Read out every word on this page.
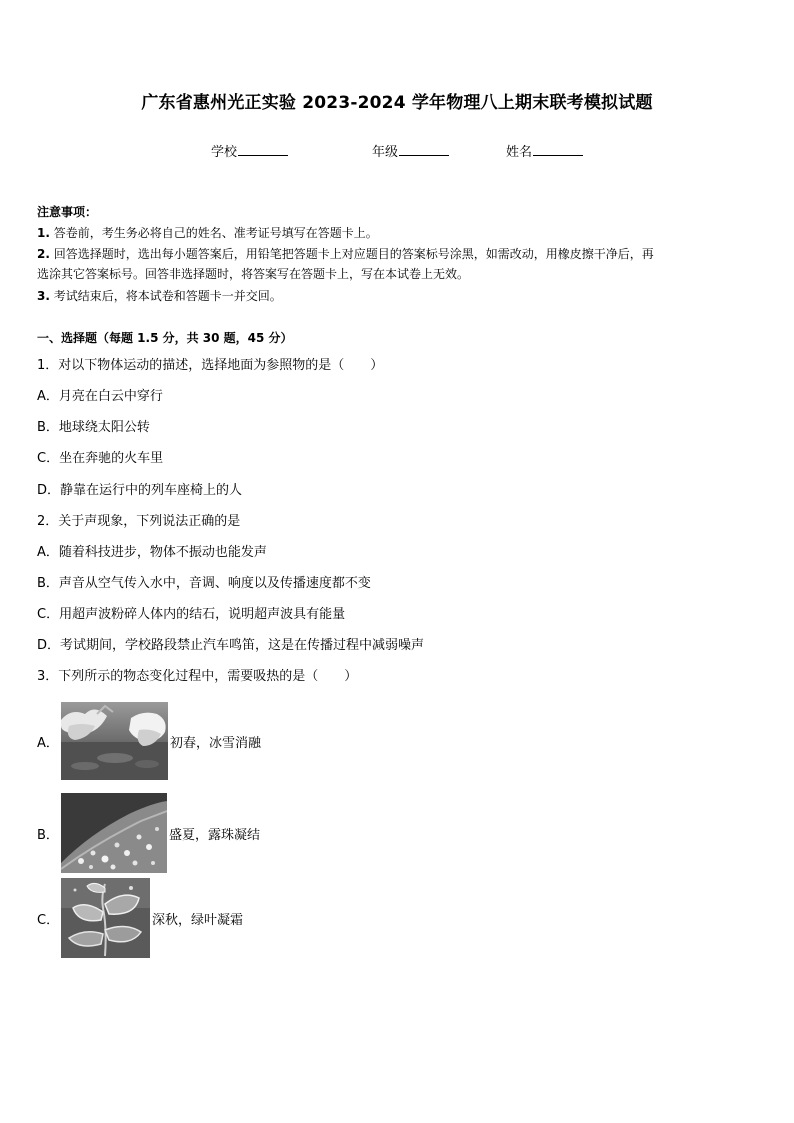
广东省惠州光正实验 2023-2024 学年物理八上期末联考模拟试题
学校	年级	姓名
注意事项：
1. 答卷前，考生务必将自己的姓名、准考证号填写在答题卡上。
2. 回答选择题时，选出每小题答案后，用铅笔把答题卡上对应题目的答案标号涂黑，如需改动，用橡皮擦干净后，再
选涂其它答案标号。回答非选择题时，将答案写在答题卡上，写在本试卷上无效。
3. 考试结束后，将本试卷和答题卡一并交回。
一、选择题（每题 1.5 分，共 30 题，45 分）
1．对以下物体运动的描述，选择地面为参照物的是（　　）
A．月亮在白云中穿行
B．地球绕太阳公转
C．坐在奔驰的火车里
D．静靠在运行中的列车座椅上的人
2．关于声现象，下列说法正确的是
A．随着科技进步，物体不振动也能发声
B．声音从空气传入水中，音调、响度以及传播速度都不变
C．用超声波粉碎人体内的结石，说明超声波具有能量
D．考试期间，学校路段禁止汽车鸣笛，这是在传播过程中减弱噪声
3．下列所示的物态变化过程中，需要吸热的是（　　）
A．	初春，冰雪消融
B．	盛夏，露珠凝结
C．	深秋，绿叶凝霜
